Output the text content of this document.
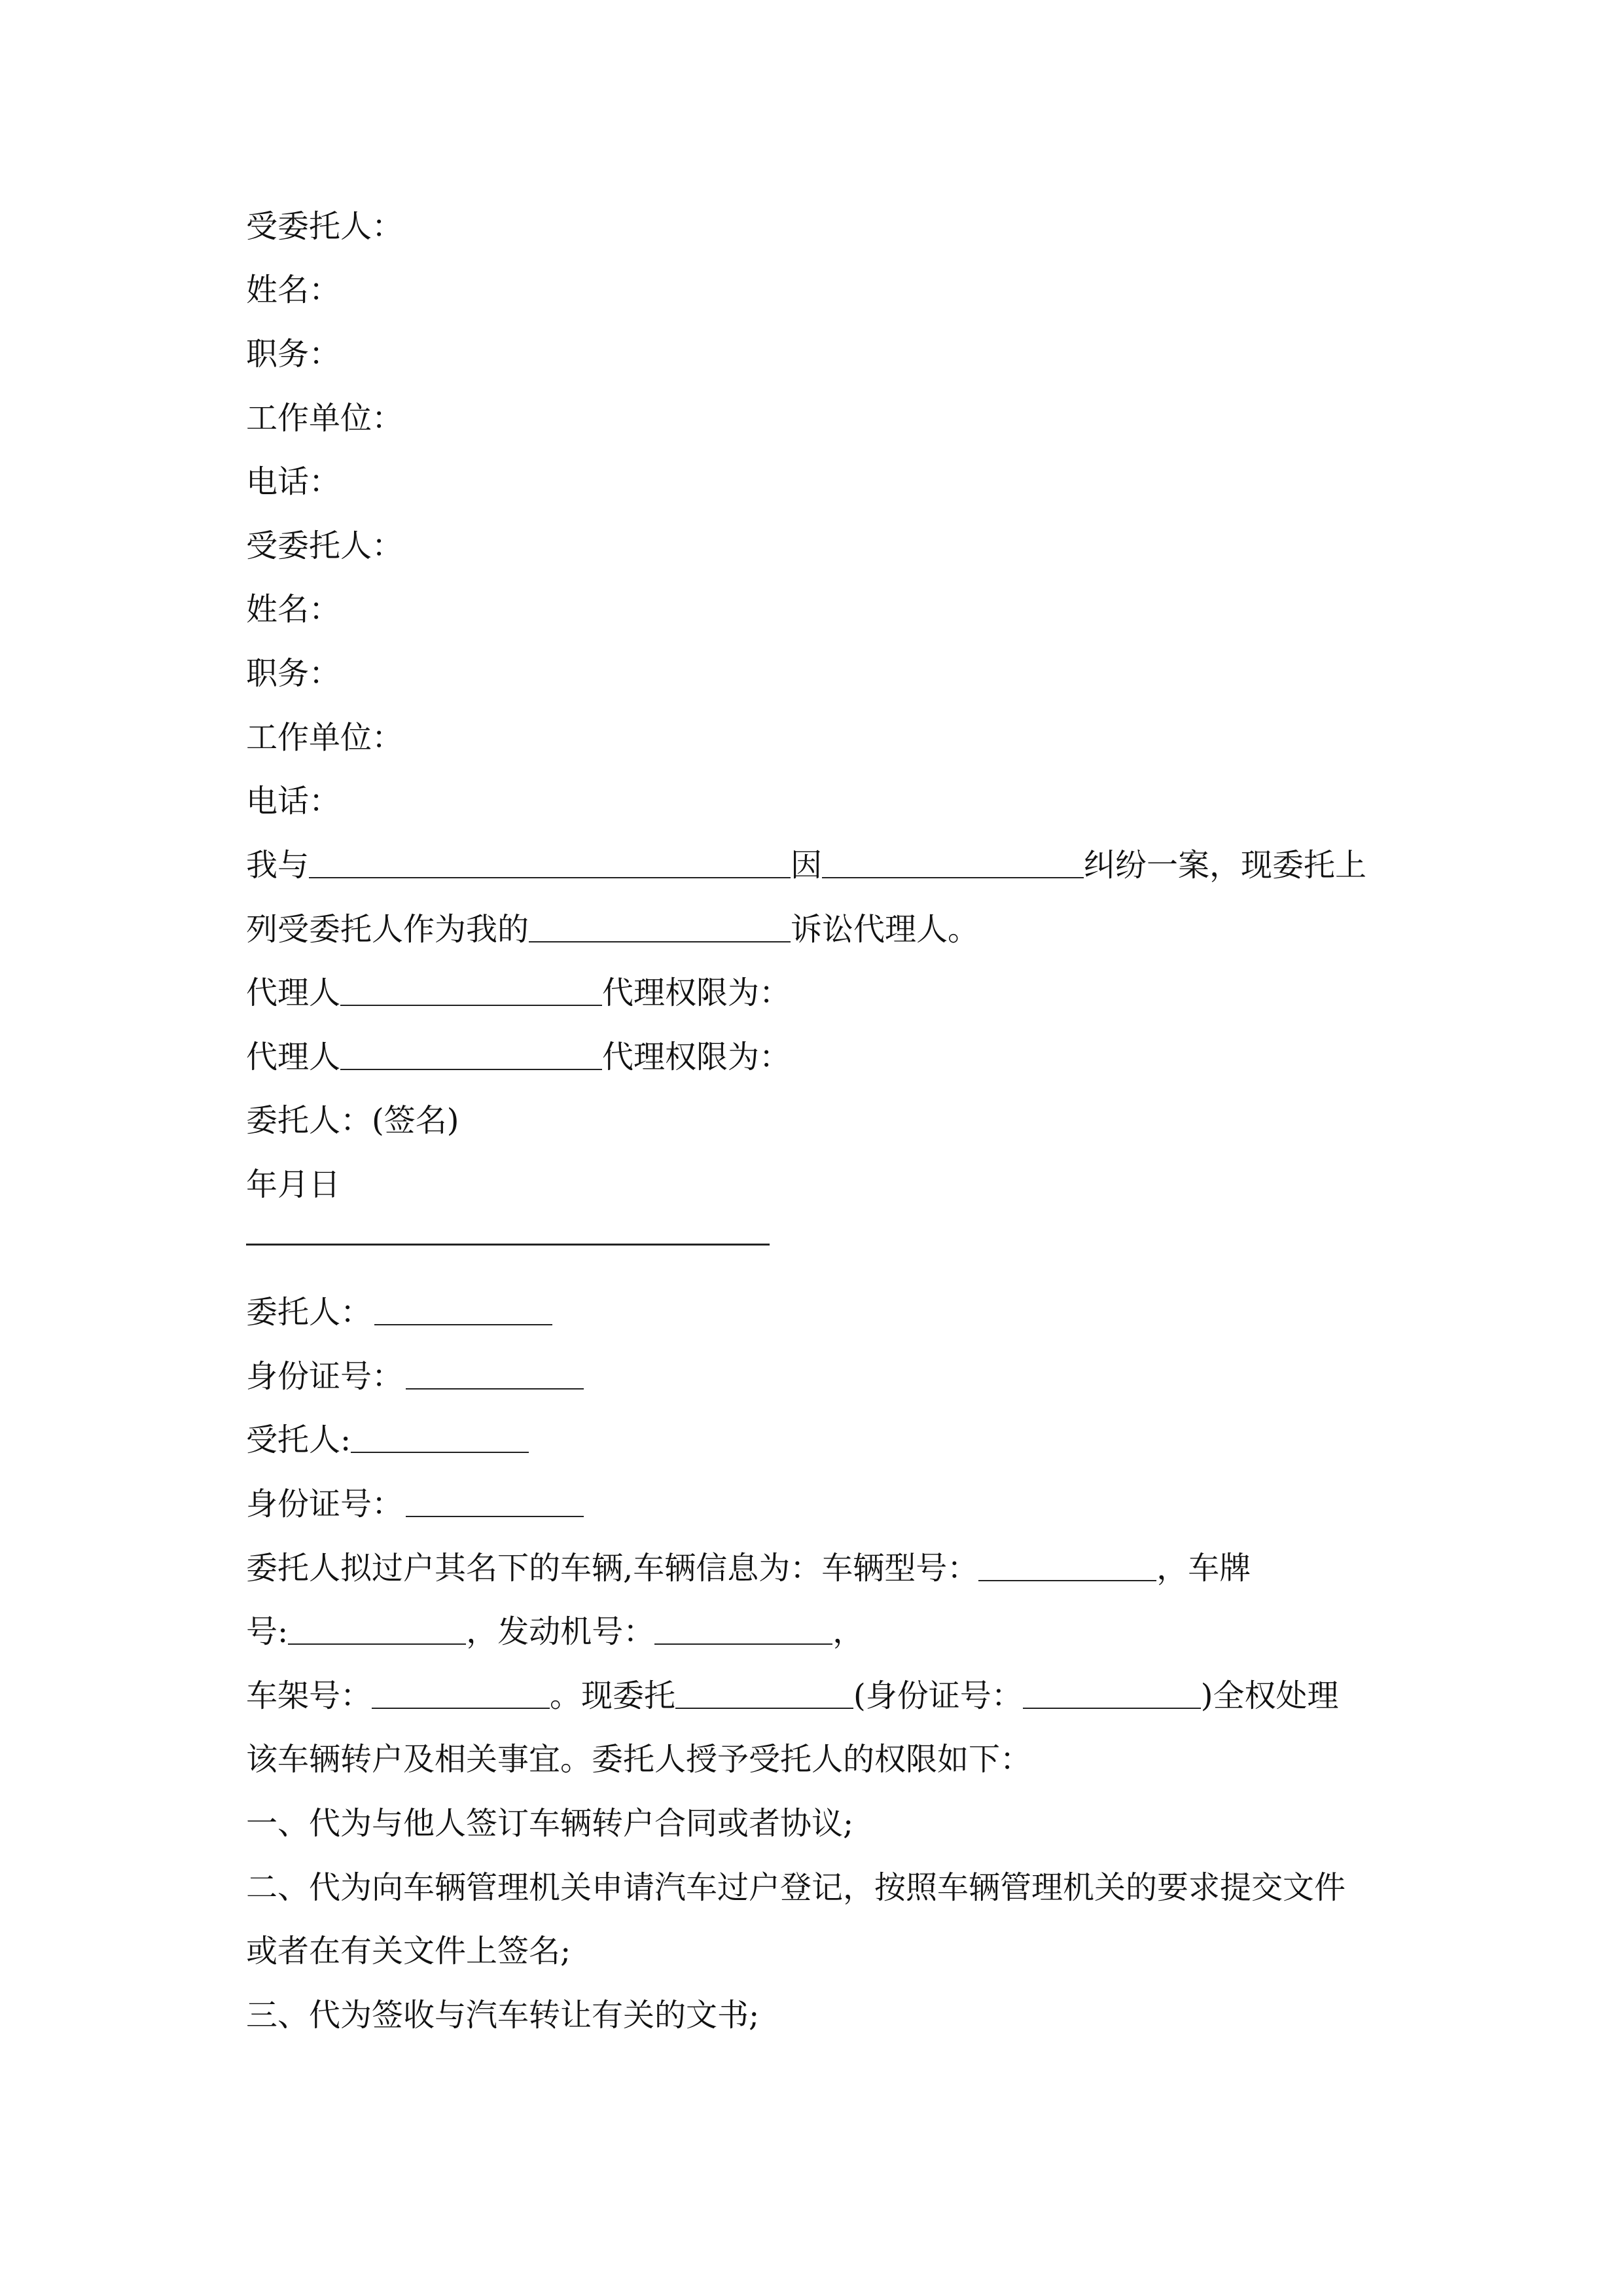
受委托人：
姓名：
职务：
工作单位：
电话：
受委托人：
姓名：
职务：
工作单位：
电话：
我与	因	纠纷一案，现委托上
列受委托人作为我的	诉讼代理人。
代理人	代理权限为：
代理人	代理权限为：
委托人：(签名)
年月日
委托人：
身份证号：
受托人:
身份证号：
委托人拟过户其名下的车辆,车辆信息为：车辆型号：	，车牌
号:	，发动机号：	，
车架号：	。现委托	(身份证号：	)全权处理
该车辆转户及相关事宜。委托人授予受托人的权限如下：
一、代为与他人签订车辆转户合同或者协议;
二、代为向车辆管理机关申请汽车过户登记，按照车辆管理机关的要求提交文件
或者在有关文件上签名;
三、代为签收与汽车转让有关的文书;
